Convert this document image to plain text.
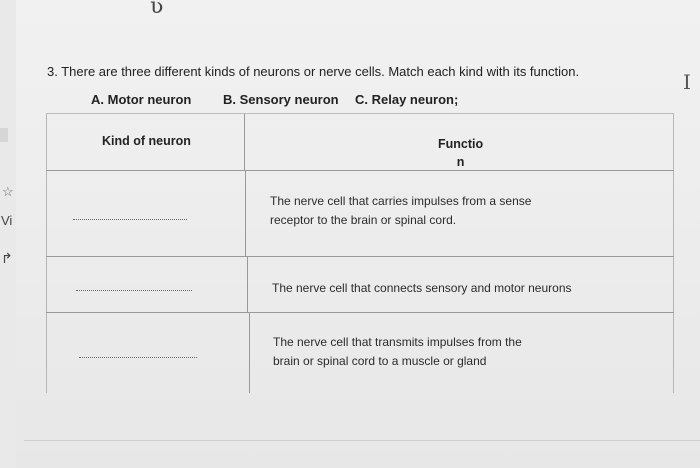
ʋ
I
☆
Vi
↱
3. There are three different kinds of neurons or nerve cells. Match each kind with its function.
A. Motor neuron B. Sensory neuron C. Relay neuron;
Kind of neuron	Functio
n
The nerve cell that carries impulses from a sense
receptor to the brain or spinal cord.
The nerve cell that connects sensory and motor neurons
The nerve cell that transmits impulses from the
brain or spinal cord to a muscle or gland
